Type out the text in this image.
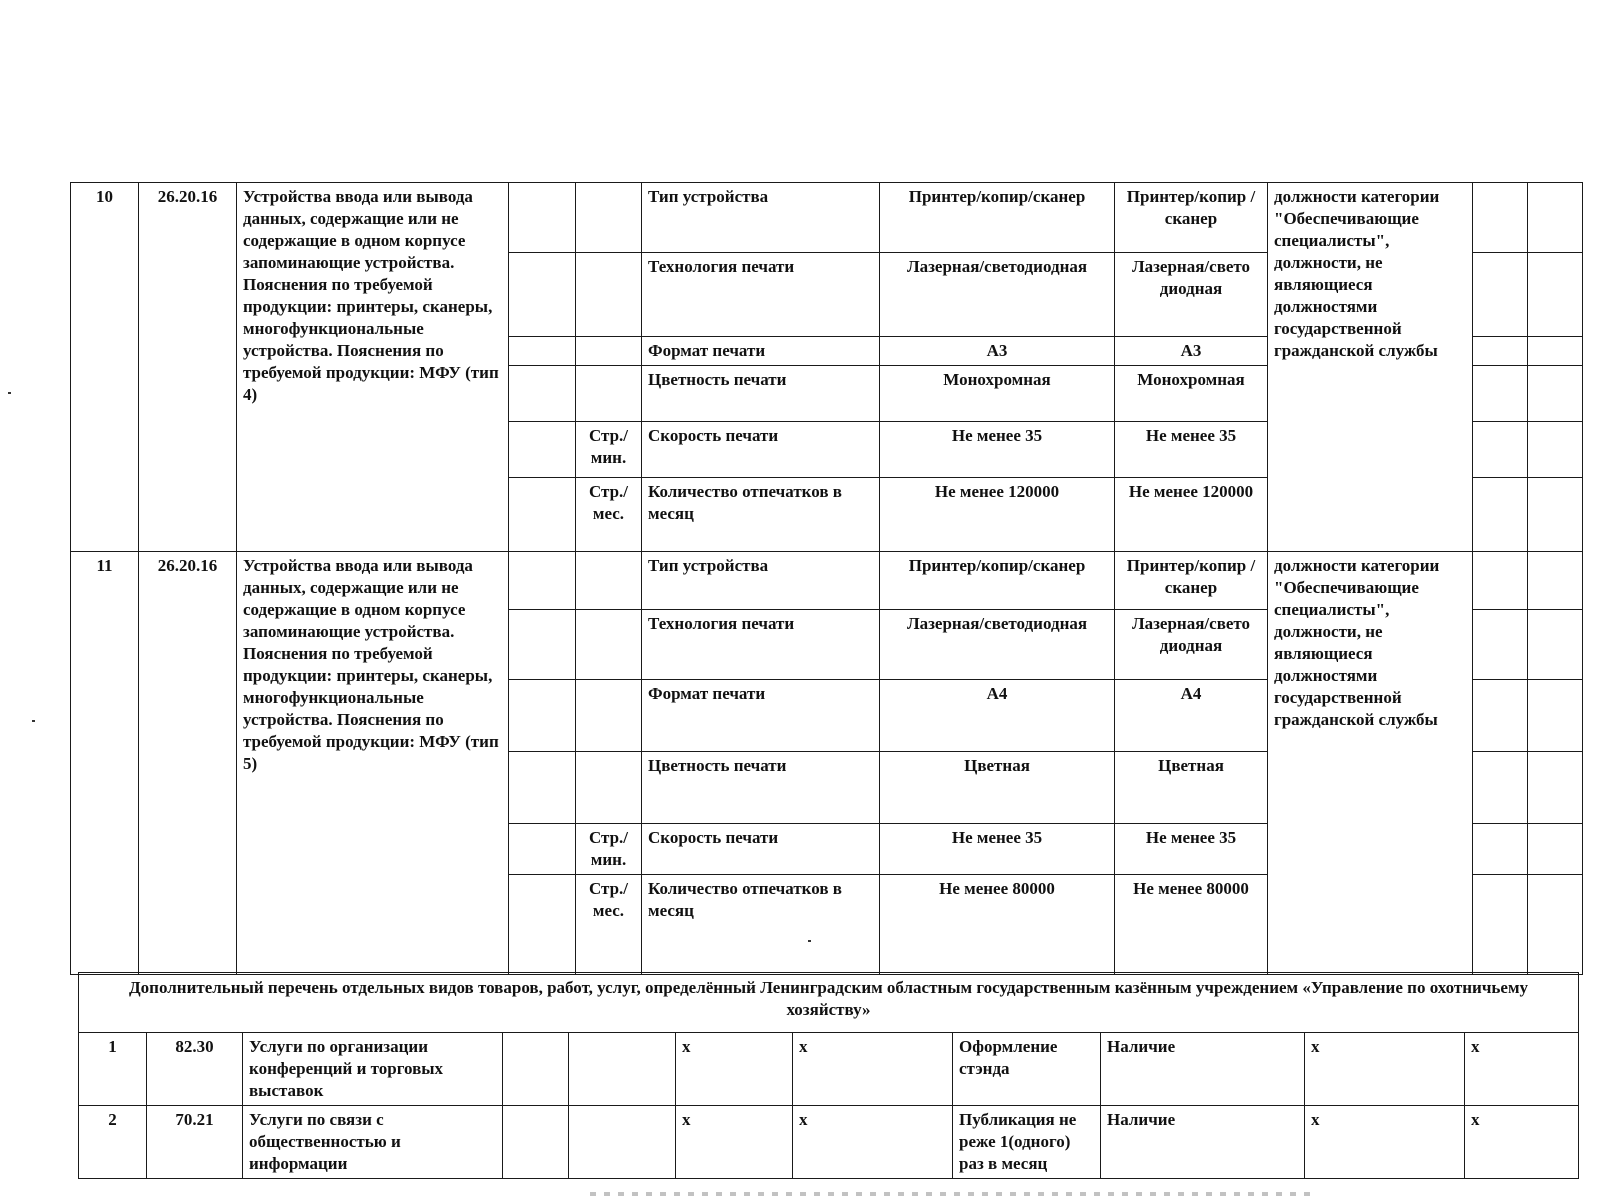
10	26.20.16	Устройства ввода или вывода данных, содержащие или не содержащие в одном корпусе запоминающие устройства. Пояснения по требуемой продукции: принтеры, сканеры, многофункциональные устройства. Пояснения по требуемой продукции: МФУ (тип 4)			Тип устройства	Принтер/копир/сканер	Принтер/копир /сканер	должности категории "Обеспечивающие специалисты", должности, не являющиеся должностями государственной гражданской службы		
					Технология печати	Лазерная/светодиодная	Лазерная/свето диодная			
					Формат печати	А3	А3			
					Цветность печати	Монохромная	Монохромная			
				Стр./ мин.	Скорость печати	Не менее 35	Не менее 35			
				Стр./ мес.	Количество отпечатков в месяц	Не менее 120000	Не менее 120000			
11	26.20.16	Устройства ввода или вывода данных, содержащие или не содержащие в одном корпусе запоминающие устройства. Пояснения по требуемой продукции: принтеры, сканеры, многофункциональные устройства. Пояснения по требуемой продукции: МФУ (тип 5)			Тип устройства	Принтер/копир/сканер	Принтер/копир /сканер	должности категории "Обеспечивающие специалисты", должности, не являющиеся должностями государственной гражданской службы		
					Технология печати	Лазерная/светодиодная	Лазерная/свето диодная			
					Формат печати	А4	А4			
					Цветность печати	Цветная	Цветная			
				Стр./ мин.	Скорость печати	Не менее 35	Не менее 35			
				Стр./ мес.	Количество отпечатков в месяц	Не менее 80000	Не менее 80000			
Дополнительный перечень отдельных видов товаров, работ, услуг, определённый Ленинградским областным государственным казённым учреждением «Управление по охотничьему хозяйству»										
1	82.30	Услуги по организации конференций и торговых выставок			x	x	Оформление стэнда	Наличие	x	x
2	70.21	Услуги по связи с общественностью и информации			x	x	Публикация не реже 1(одного) раз в месяц	Наличие	x	x
